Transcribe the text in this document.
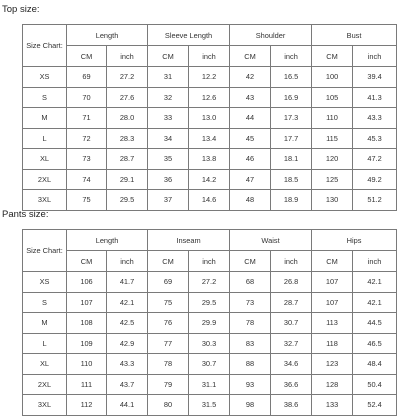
Top size:
Size Chart:	Length		Sleeve Length		Shoulder		Bust	
	CM	inch	CM	inch	CM	inch	CM	inch
XS	69	27.2	31	12.2	42	16.5	100	39.4
S	70	27.6	32	12.6	43	16.9	105	41.3
M	71	28.0	33	13.0	44	17.3	110	43.3
L	72	28.3	34	13.4	45	17.7	115	45.3
XL	73	28.7	35	13.8	46	18.1	120	47.2
2XL	74	29.1	36	14.2	47	18.5	125	49.2
3XL	75	29.5	37	14.6	48	18.9	130	51.2
Pants size:
Size Chart:	Length		Inseam		Waist		Hips	
	CM	inch	CM	inch	CM	inch	CM	inch
XS	106	41.7	69	27.2	68	26.8	107	42.1
S	107	42.1	75	29.5	73	28.7	107	42.1
M	108	42.5	76	29.9	78	30.7	113	44.5
L	109	42.9	77	30.3	83	32.7	118	46.5
XL	110	43.3	78	30.7	88	34.6	123	48.4
2XL	111	43.7	79	31.1	93	36.6	128	50.4
3XL	112	44.1	80	31.5	98	38.6	133	52.4
